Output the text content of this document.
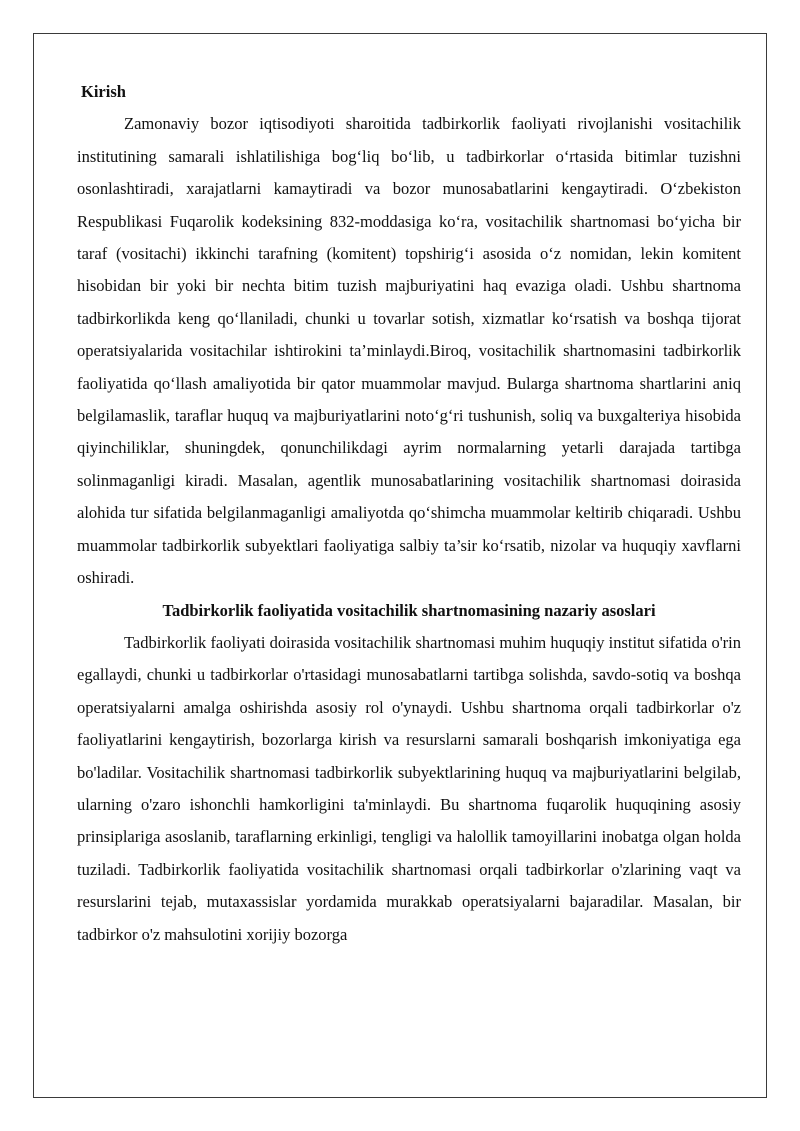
Kirish

Zamonaviy bozor iqtisodiyoti sharoitida tadbirkorlik faoliyati rivojlanishi vositachilik institutining samarali ishlatilishiga bog‘liq bo‘lib, u tadbirkorlar o‘rtasida bitimlar tuzishni osonlashtiradi, xarajatlarni kamaytiradi va bozor munosabatlarini kengaytiradi. O‘zbekiston Respublikasi Fuqarolik kodeksining 832-moddasiga ko‘ra, vositachilik shartnomasi bo‘yicha bir taraf (vositachi) ikkinchi tarafning (komitent) topshirig‘i asosida o‘z nomidan, lekin komitent hisobidan bir yoki bir nechta bitim tuzish majburiyatini haq evaziga oladi. Ushbu shartnoma tadbirkorlikda keng qo‘llaniladi, chunki u tovarlar sotish, xizmatlar ko‘rsatish va boshqa tijorat operatsiyalarida vositachilar ishtirokini ta’minlaydi.Biroq, vositachilik shartnomasini tadbirkorlik faoliyatida qo‘llash amaliyotida bir qator muammolar mavjud. Bularga shartnoma shartlarini aniq belgilamaslik, taraflar huquq va majburiyatlarini noto‘g‘ri tushunish, soliq va buxgalteriya hisobida qiyinchiliklar, shuningdek, qonunchilikdagi ayrim normalarning yetarli darajada tartibga solinmaganligi kiradi. Masalan, agentlik munosabatlarining vositachilik shartnomasi doirasida alohida tur sifatida belgilanmaganligi amaliyotda qo‘shimcha muammolar keltirib chiqaradi. Ushbu muammolar tadbirkorlik subyektlari faoliyatiga salbiy ta’sir ko‘rsatib, nizolar va huquqiy xavflarni oshiradi.

Tadbirkorlik faoliyatida vositachilik shartnomasining nazariy asoslari

Tadbirkorlik faoliyati doirasida vositachilik shartnomasi muhim huquqiy institut sifatida o'rin egallaydi, chunki u tadbirkorlar o'rtasidagi munosabatlarni tartibga solishda, savdo-sotiq va boshqa operatsiyalarni amalga oshirishda asosiy rol o'ynaydi. Ushbu shartnoma orqali tadbirkorlar o'z faoliyatlarini kengaytirish, bozorlarga kirish va resurslarni samarali boshqarish imkoniyatiga ega bo'ladilar. Vositachilik shartnomasi tadbirkorlik subyektlarining huquq va majburiyatlarini belgilab, ularning o'zaro ishonchli hamkorligini ta'minlaydi. Bu shartnoma fuqarolik huquqining asosiy prinsiplariga asoslanib, taraflarning erkinligi, tengligi va halollik tamoyillarini inobatga olgan holda tuziladi. Tadbirkorlik faoliyatida vositachilik shartnomasi orqali tadbirkorlar o'zlarining vaqt va resurslarini tejab, mutaxassislar yordamida murakkab operatsiyalarni bajaradilar. Masalan, bir tadbirkor o'z mahsulotini xorijiy bozorga
